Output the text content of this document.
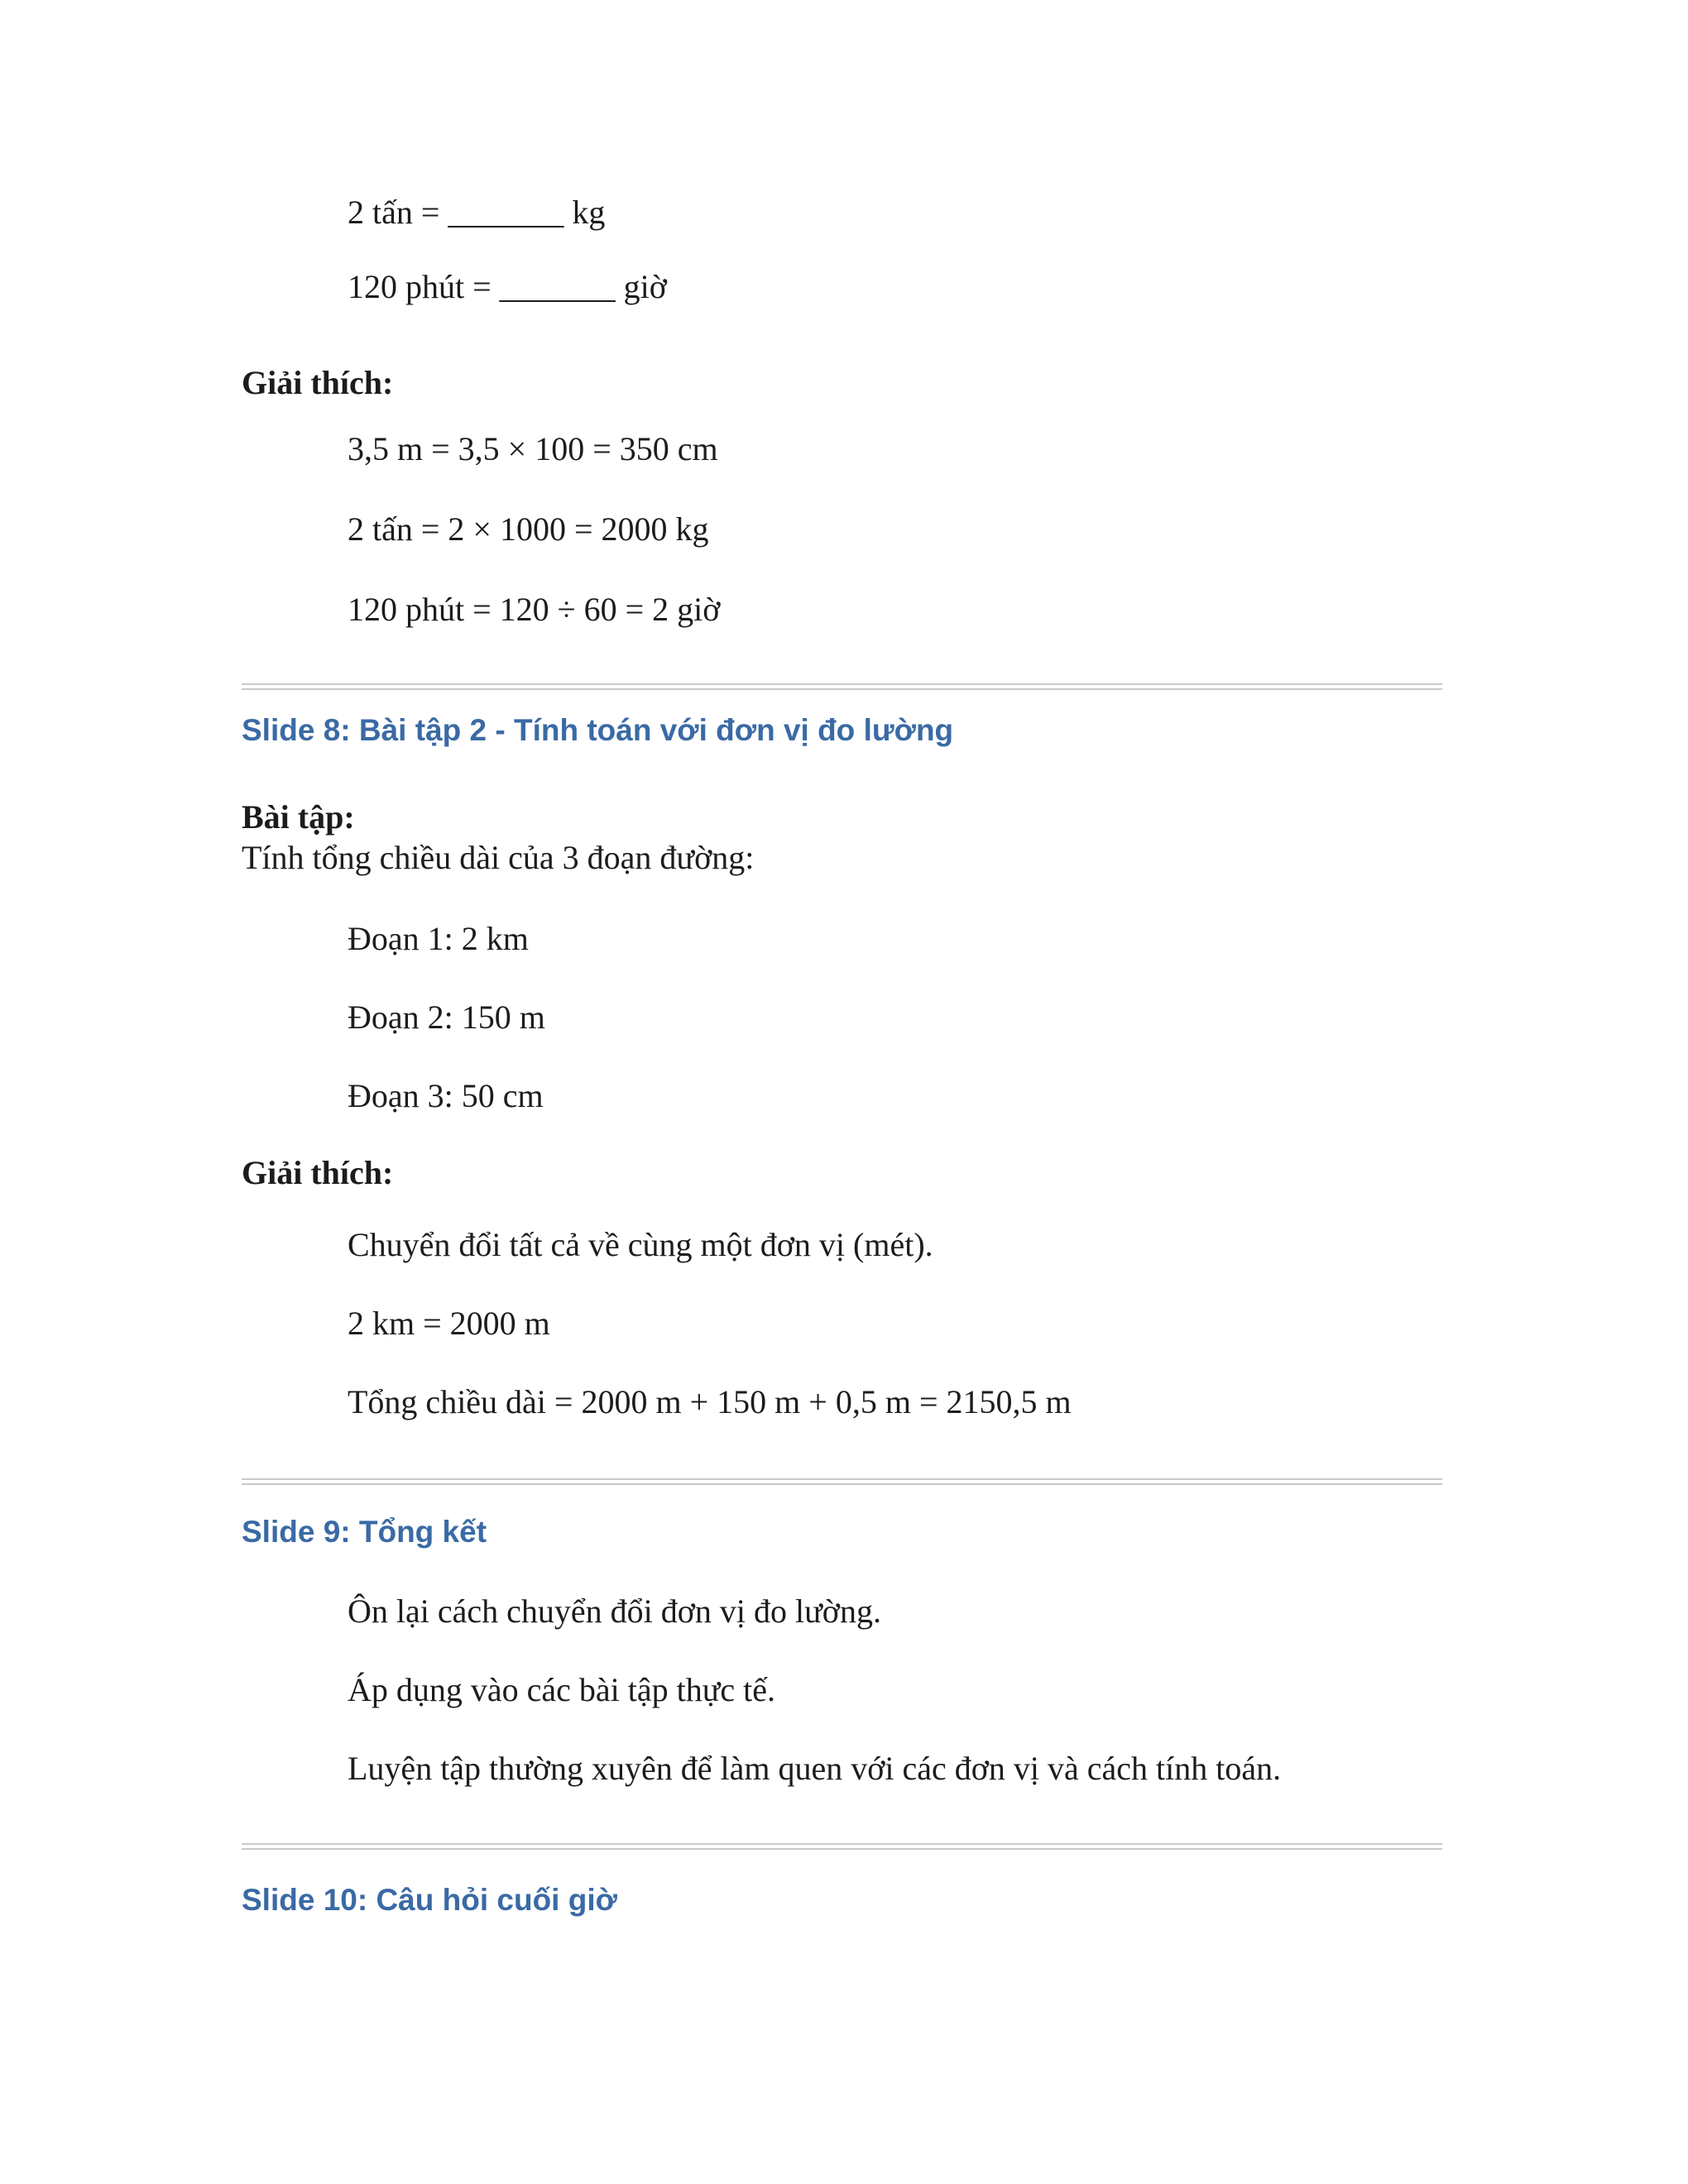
2 tấn = _______ kg

120 phút = _______ giờ

Giải thích:

3,5 m = 3,5 × 100 = 350 cm

2 tấn = 2 × 1000 = 2000 kg

120 phút = 120 ÷ 60 = 2 giờ

Slide 8: Bài tập 2 - Tính toán với đơn vị đo lường

Bài tập:

Tính tổng chiều dài của 3 đoạn đường:

Đoạn 1: 2 km

Đoạn 2: 150 m

Đoạn 3: 50 cm

Giải thích:

Chuyển đổi tất cả về cùng một đơn vị (mét).

2 km = 2000 m

Tổng chiều dài = 2000 m + 150 m + 0,5 m = 2150,5 m

Slide 9: Tổng kết

Ôn lại cách chuyển đổi đơn vị đo lường.

Áp dụng vào các bài tập thực tế.

Luyện tập thường xuyên để làm quen với các đơn vị và cách tính toán.

Slide 10: Câu hỏi cuối giờ
